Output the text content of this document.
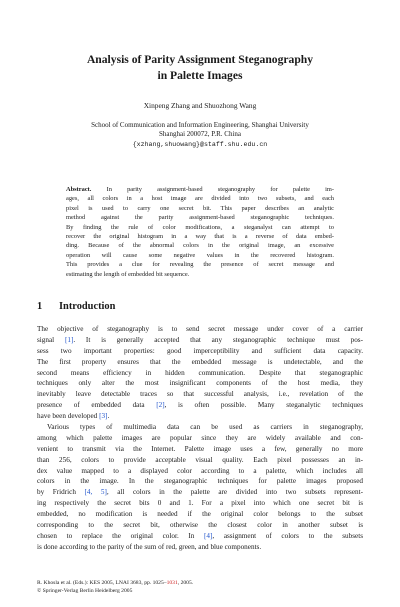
Analysis of Parity Assignment Steganography
in Palette Images

Xinpeng Zhang and Shuozhong Wang

School of Communication and Information Engineering, Shanghai University
Shanghai 200072, P.R. China
{xzhang,shuowang}@staff.shu.edu.cn

Abstract. In parity assignment-based steganography for palette im-
ages, all colors in a host image are divided into two subsets, and each
pixel is used to carry one secret bit. This paper describes an analytic
method against the parity assignment-based steganographic techniques.
By finding the rule of color modifications, a steganalyst can attempt to
recover the original histogram in a way that is a reverse of data embed-
ding. Because of the abnormal colors in the original image, an excessive
operation will cause some negative values in the recovered histogram.
This provides a clue for revealing the presence of secret message and
estimating the length of embedded bit sequence.
1 Introduction
The objective of steganography is to send secret message under cover of a carrier
signal [1]. It is generally accepted that any steganographic technique must pos-
sess two important properties: good imperceptibility and sufficient data capacity.
The first property ensures that the embedded message is undetectable, and the
second means efficiency in hidden communication. Despite that steganographic
techniques only alter the most insignificant components of the host media, they
inevitably leave detectable traces so that successful analysis, i.e., revelation of the
presence of embedded data [2], is often possible. Many steganalytic techniques
have been developed [3].
Various types of multimedia data can be used as carriers in steganography,
among which palette images are popular since they are widely available and con-
venient to transmit via the Internet. Palette image uses a few, generally no more
than 256, colors to provide acceptable visual quality. Each pixel possesses an in-
dex value mapped to a displayed color according to a palette, which includes all
colors in the image. In the steganographic techniques for palette images proposed
by Fridrich [4, 5], all colors in the palette are divided into two subsets represent-
ing respectively the secret bits 0 and 1. For a pixel into which one secret bit is
embedded, no modification is needed if the original color belongs to the subset
corresponding to the secret bit, otherwise the closest color in another subset is
chosen to replace the original color. In [4], assignment of colors to the subsets
is done according to the parity of the sum of red, green, and blue components.
R. Khosla et al. (Eds.): KES 2005, LNAI 3683, pp. 1025–1031, 2005.
© Springer-Verlag Berlin Heidelberg 2005
